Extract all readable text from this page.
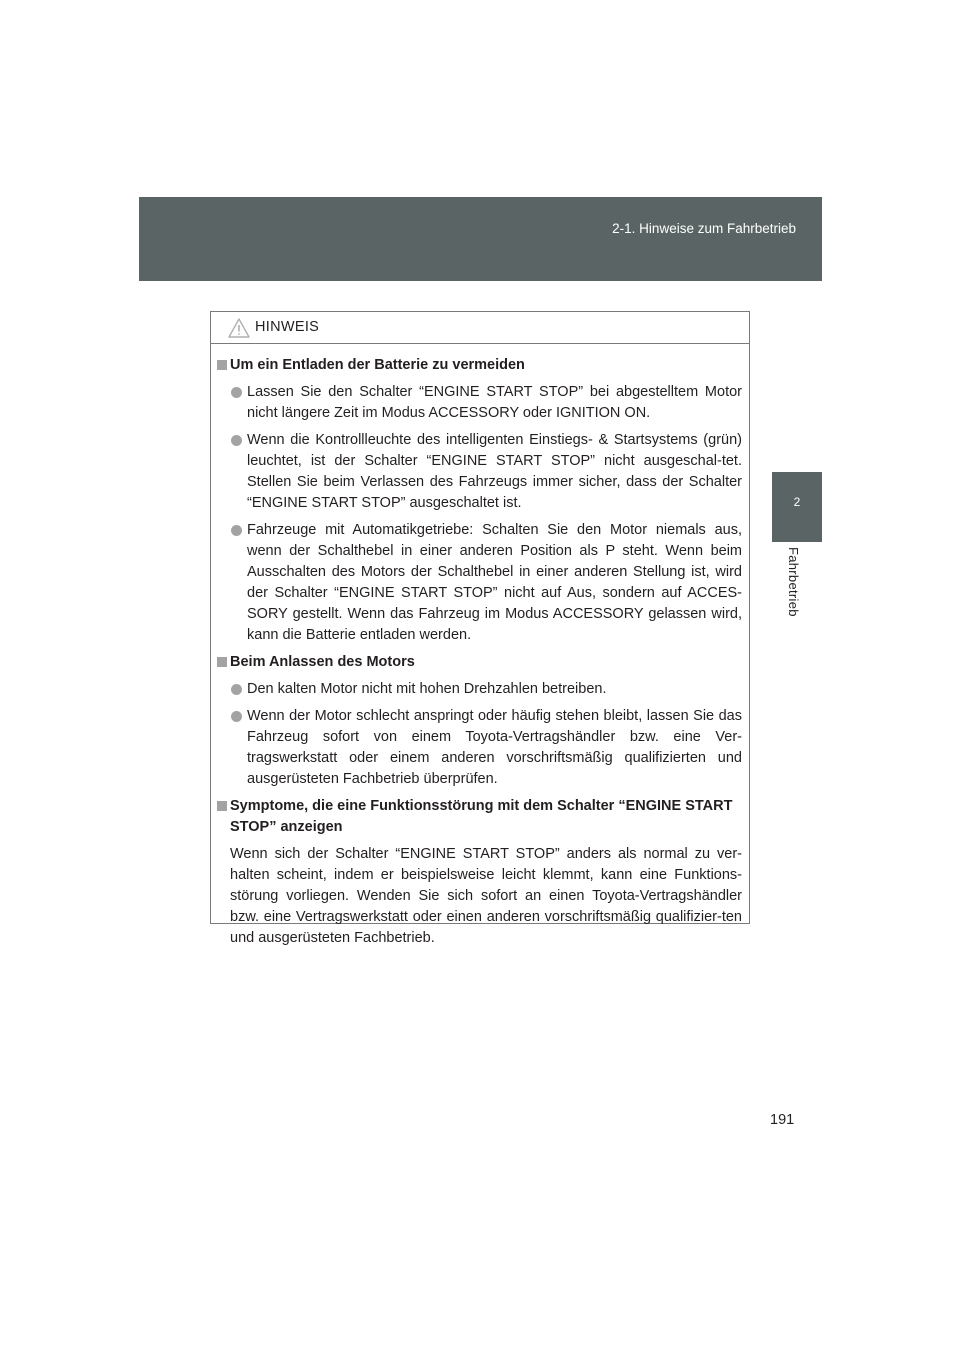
2-1. Hinweise zum Fahrbetrieb
2
Fahrbetrieb
HINWEIS
Um ein Entladen der Batterie zu vermeiden
Lassen Sie den Schalter “ENGINE START STOP” bei abgestelltem Motor nicht längere Zeit im Modus ACCESSORY oder IGNITION ON.
Wenn die Kontrollleuchte des intelligenten Einstiegs- & Startsystems (grün) leuchtet, ist der Schalter “ENGINE START STOP” nicht ausgeschal-tet. Stellen Sie beim Verlassen des Fahrzeugs immer sicher, dass der Schalter “ENGINE START STOP” ausgeschaltet ist.
Fahrzeuge mit Automatikgetriebe: Schalten Sie den Motor niemals aus, wenn der Schalthebel in einer anderen Position als P steht. Wenn beim Ausschalten des Motors der Schalthebel in einer anderen Stellung ist, wird der Schalter “ENGINE START STOP” nicht auf Aus, sondern auf ACCES-SORY gestellt. Wenn das Fahrzeug im Modus ACCESSORY gelassen wird, kann die Batterie entladen werden.
Beim Anlassen des Motors
Den kalten Motor nicht mit hohen Drehzahlen betreiben.
Wenn der Motor schlecht anspringt oder häufig stehen bleibt, lassen Sie das Fahrzeug sofort von einem Toyota-Vertragshändler bzw. eine Ver-tragswerkstatt oder einem anderen vorschriftsmäßig qualifizierten und ausgerüsteten Fachbetrieb überprüfen.
Symptome, die eine Funktionsstörung mit dem Schalter “ENGINE START STOP” anzeigen
Wenn sich der Schalter “ENGINE START STOP” anders als normal zu ver-halten scheint, indem er beispielsweise leicht klemmt, kann eine Funktions-störung vorliegen. Wenden Sie sich sofort an einen Toyota-Vertragshändler bzw. eine Vertragswerkstatt oder einen anderen vorschriftsmäßig qualifizier-ten und ausgerüsteten Fachbetrieb.
191
